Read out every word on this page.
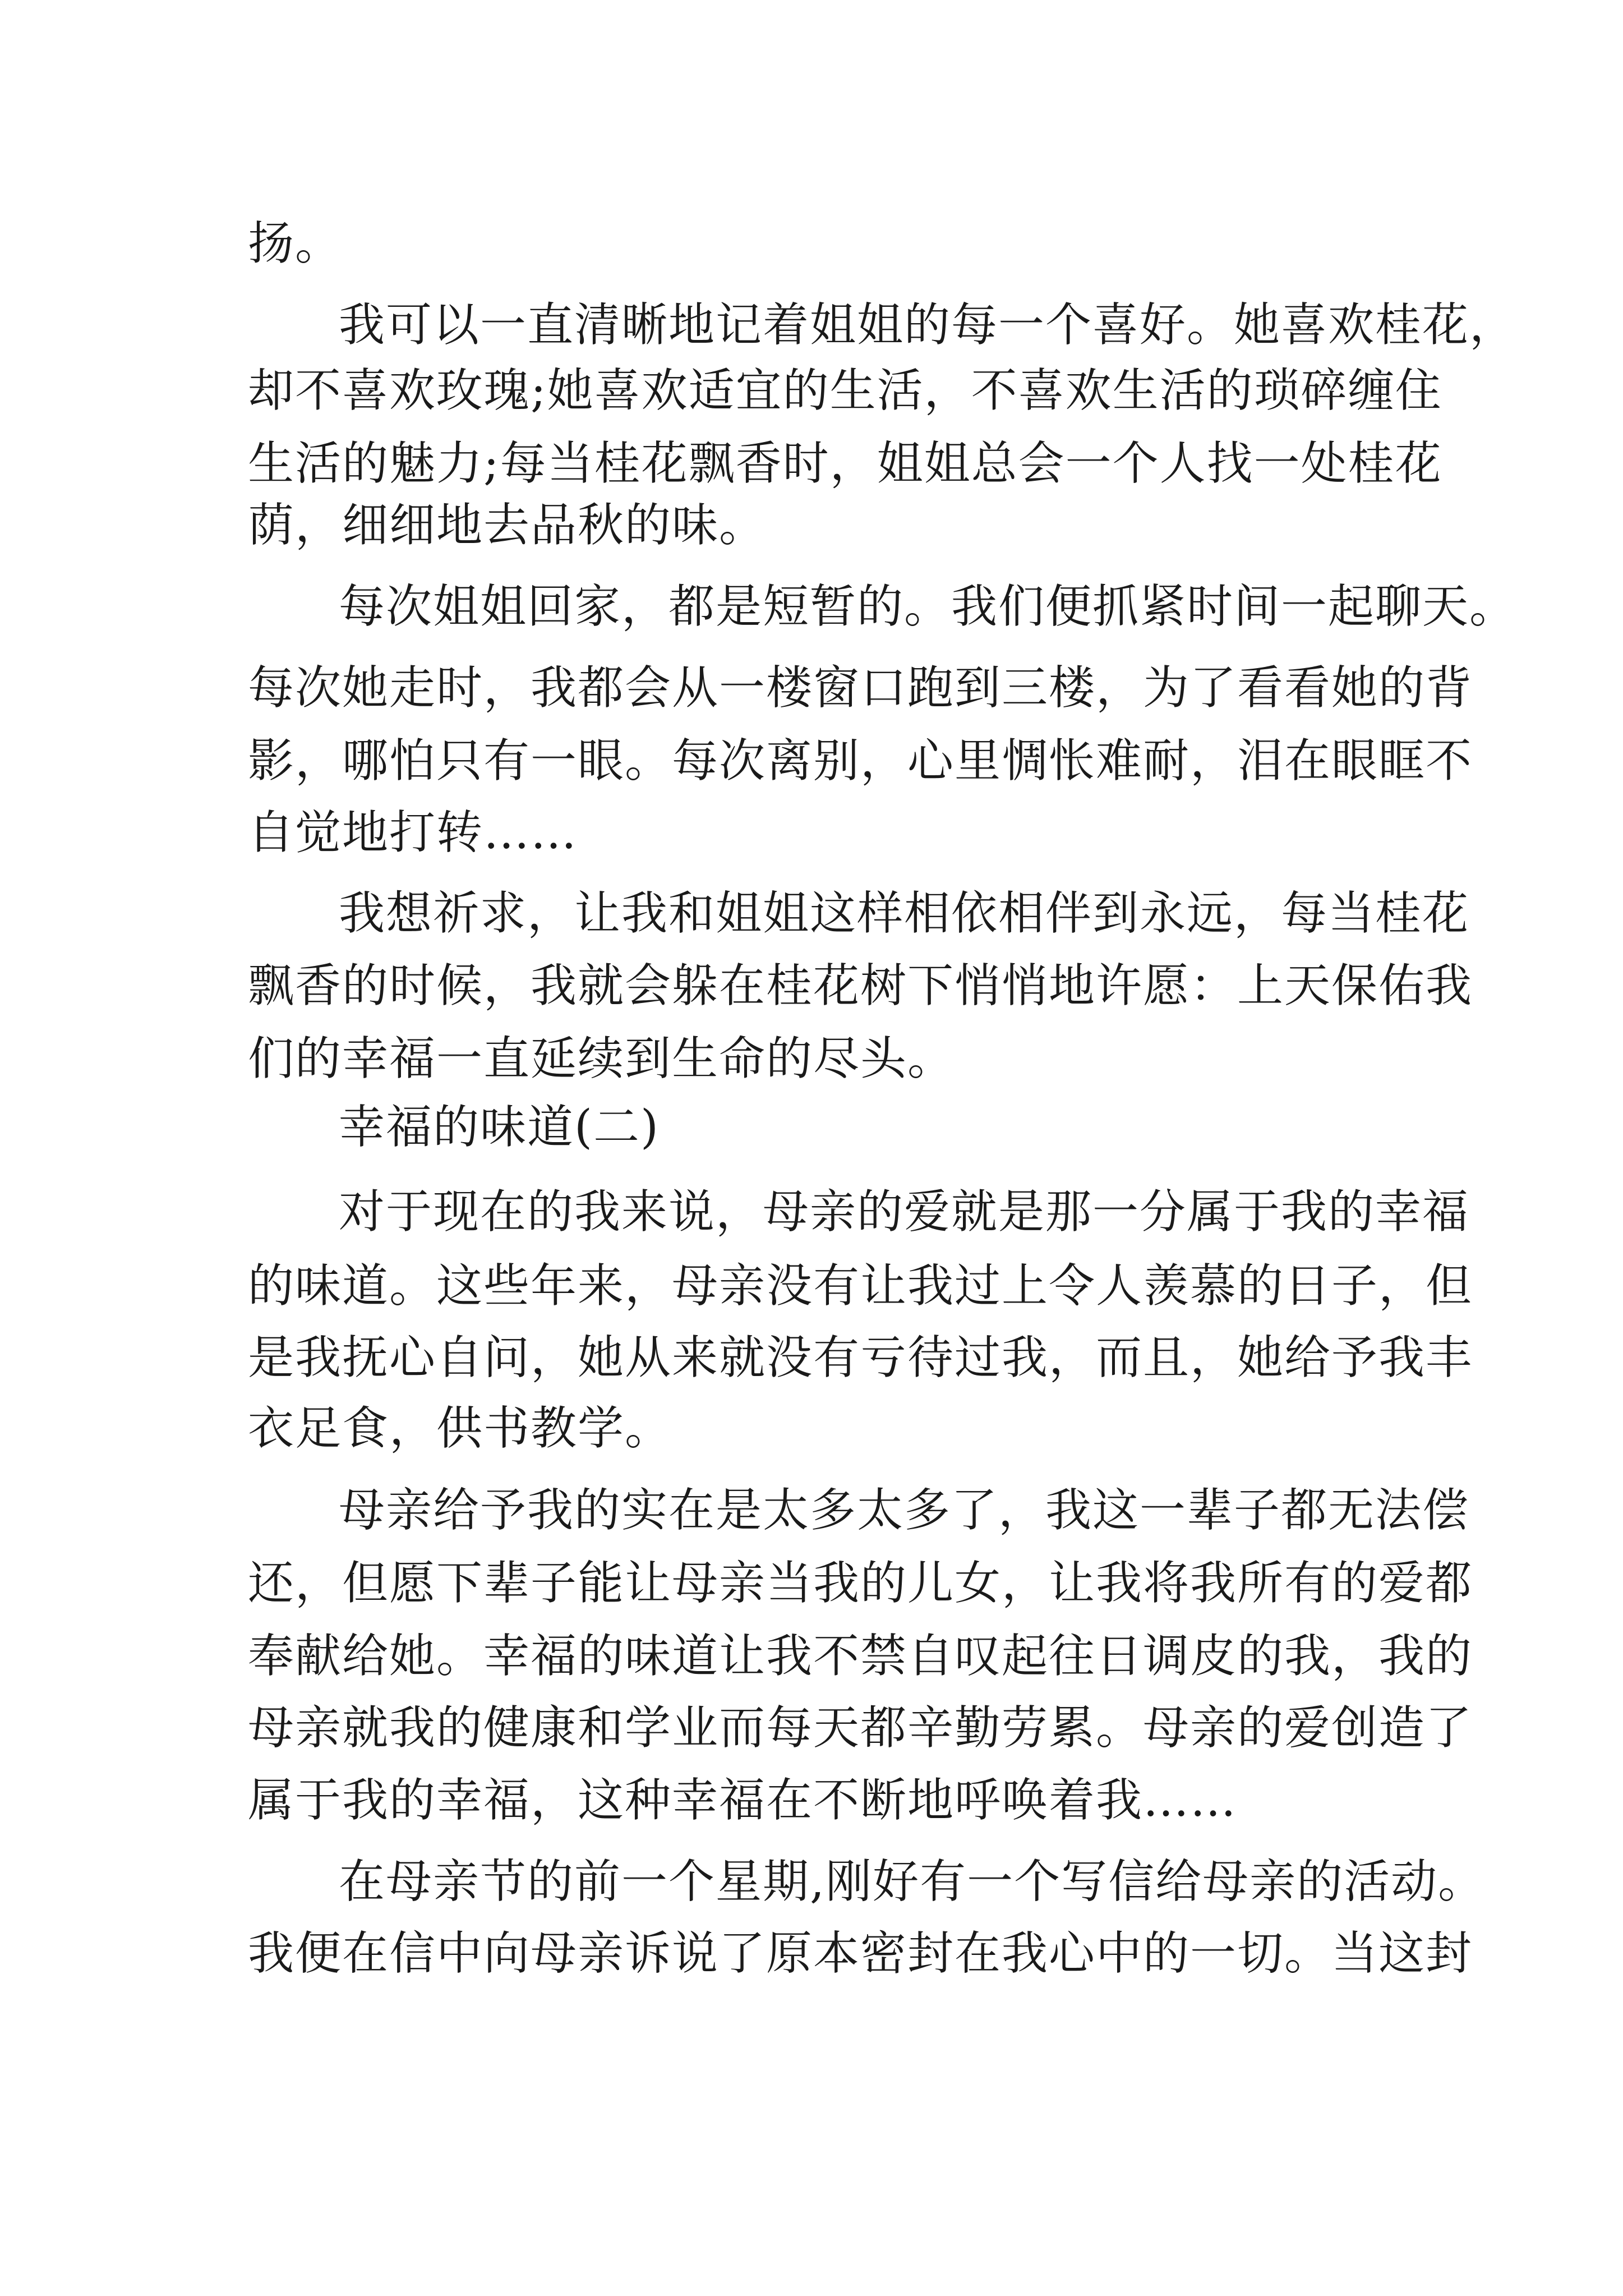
扬。
我可以一直清晰地记着姐姐的每一个喜好。她喜欢桂花，
却不喜欢玫瑰;她喜欢适宜的生活，不喜欢生活的琐碎缠住
生活的魅力;每当桂花飘香时，姐姐总会一个人找一处桂花
荫，细细地去品秋的味。
每次姐姐回家，都是短暂的。我们便抓紧时间一起聊天。
每次她走时，我都会从一楼窗口跑到三楼，为了看看她的背
影，哪怕只有一眼。每次离别，心里惆怅难耐，泪在眼眶不
自觉地打转……
我想祈求，让我和姐姐这样相依相伴到永远，每当桂花
飘香的时候，我就会躲在桂花树下悄悄地许愿：上天保佑我
们的幸福一直延续到生命的尽头。
幸福的味道(二)
对于现在的我来说，母亲的爱就是那一分属于我的幸福
的味道。这些年来，母亲没有让我过上令人羡慕的日子，但
是我抚心自问，她从来就没有亏待过我，而且，她给予我丰
衣足食，供书教学。
母亲给予我的实在是太多太多了，我这一辈子都无法偿
还，但愿下辈子能让母亲当我的儿女，让我将我所有的爱都
奉献给她。幸福的味道让我不禁自叹起往日调皮的我，我的
母亲就我的健康和学业而每天都辛勤劳累。母亲的爱创造了
属于我的幸福，这种幸福在不断地呼唤着我……
在母亲节的前一个星期,刚好有一个写信给母亲的活动。
我便在信中向母亲诉说了原本密封在我心中的一切。当这封
